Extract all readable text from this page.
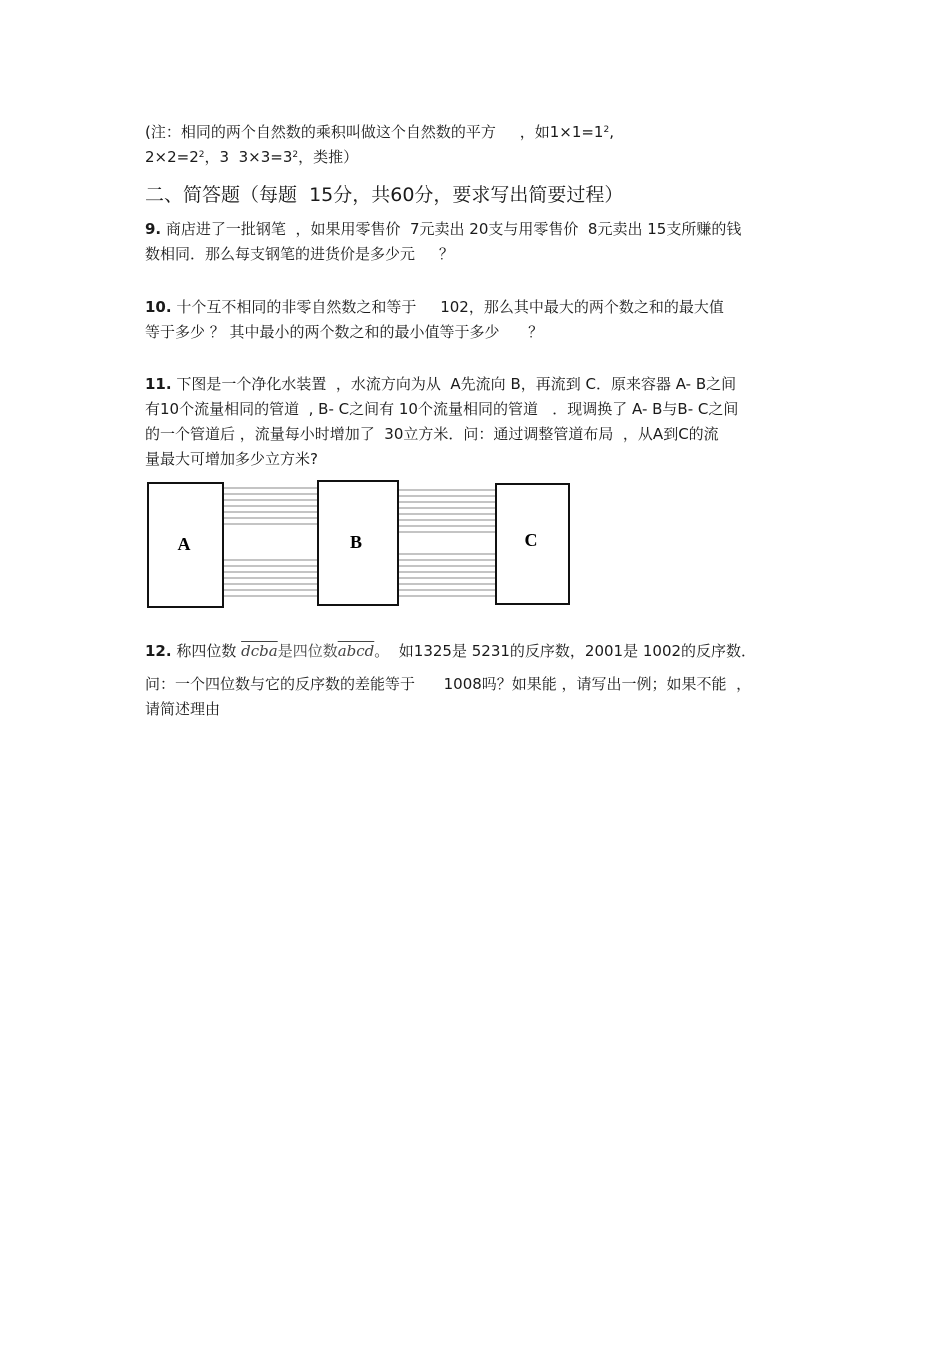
(注：相同的两个自然数的乘积叫做这个自然数的平方 ，如$1\times 1=1^2$,
$2\times 2=2^2$，3  $3\times 3=3^2$，类推）
二、简答题（每题  15分，共60分，要求写出简要过程）
9. 商店进了一批钢笔  ，如果用零售价  7元卖出 20支与用零售价  8元卖出 15支所赚的钱
数相同．那么每支钢笔的进货价是多少元     ？
10. 十个互不相同的非零自然数之和等于     102，那么其中最大的两个数之和的最大值
等于多少 ？ 其中最小的两个数之和的最小值等于多少      ？
11. 下图是一个净化水装置  ，水流方向为从  A先流向 B，再流到 C．原来容器 A- B之间
有10个流量相同的管道  , B- C之间有 10个流量相同的管道   ．现调换了 A- B与B- C之间
的一个管道后 ，流量每小时增加了  30立方米．问：通过调整管道布局  ，从A到C的流
量最大可增加多少立方米?
A	B	C
12. 称四位数 dcba是四位数abcd。  如1325是 5231的反序数，2001是 1002的反序数．
问：一个四位数与它的反序数的差能等于      1008吗？如果能 ，请写出一例；如果不能  ，
请简述理由
